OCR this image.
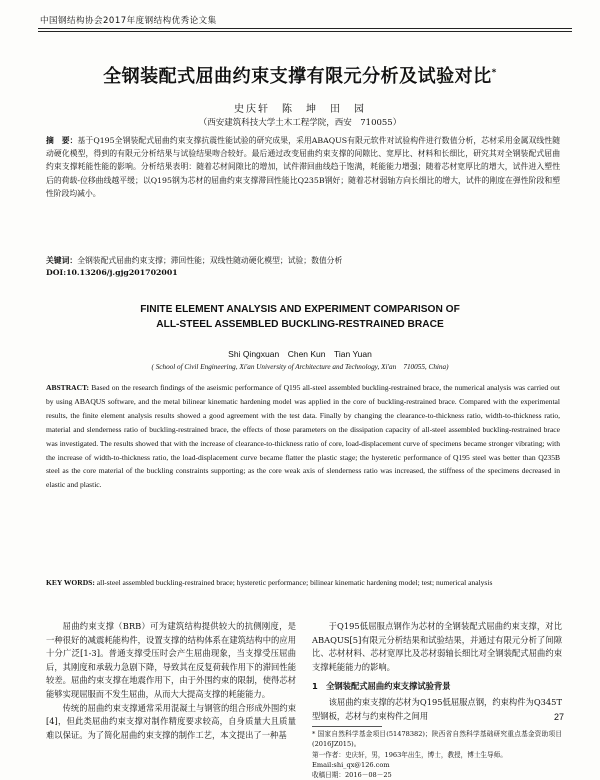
中国钢结构协会2017年度钢结构优秀论文集
全钢装配式屈曲约束支撑有限元分析及试验对比*
史庆轩　陈　坤　田　园
（西安建筑科技大学土木工程学院，西安　710055）
摘　要：基于Q195全钢装配式屈曲约束支撑抗震性能试验的研究成果，采用ABAQUS有限元软件对试验构件进行数值分析，芯材采用金属双线性随动硬化模型，得到的有限元分析结果与试验结果吻合较好。最后通过改变屈曲约束支撑的间隙比、宽厚比、材料和长细比，研究其对全钢装配式屈曲约束支撑耗能性能的影响。分析结果表明：随着芯材间隙比的增加，试件滞回曲线趋于饱满，耗能能力增强；随着芯材宽厚比的增大，试件进入塑性后的荷载-位移曲线越平缓；以Q195钢为芯材的屈曲约束支撑滞回性能比Q235B钢好；随着芯材弱轴方向长细比的增大，试件的刚度在弹性阶段和塑性阶段均减小。
关键词：全钢装配式屈曲约束支撑；滞回性能；双线性随动硬化模型；试验；数值分析
DOI:10.13206/j.gjg201702001
FINITE ELEMENT ANALYSIS AND EXPERIMENT COMPARISON OF
ALL-STEEL ASSEMBLED BUCKLING-RESTRAINED BRACE
Shi Qingxuan　Chen Kun　Tian Yuan
( School of Civil Engineering, Xi'an University of Architecture and Technology, Xi'an　710055, China)
ABSTRACT: Based on the research findings of the aseismic performance of Q195 all-steel assembled buckling-restrained brace, the numerical analysis was carried out by using ABAQUS software, and the metal bilinear kinematic hardening model was applied in the core of buckling-restrained brace. Compared with the experimental results, the finite element analysis results showed a good agreement with the test data. Finally by changing the clearance-to-thickness ratio, width-to-thickness ratio, material and slenderness ratio of buckling-restrained brace, the effects of those parameters on the dissipation capacity of all-steel assembled buckling-restrained brace was investigated. The results showed that with the increase of clearance-to-thickness ratio of core, load-displacement curve of specimens became stronger vibrating; with the increase of width-to-thickness ratio, the load-displacement curve became flatter the plastic stage; the hysteretic performance of Q195 steel was better than Q235B steel as the core material of the buckling constraints supporting; as the core weak axis of slenderness ratio was increased, the stiffness of the specimens decreased in elastic and plastic.
KEY WORDS: all-steel assembled buckling-restrained brace; hysteretic performance; bilinear kinematic hardening model; test; numerical analysis

屈曲约束支撑（BRB）可为建筑结构提供较大的抗侧刚度，是一种很好的减震耗能构件，设置支撑的结构体系在建筑结构中的应用十分广泛[1-3]。普通支撑受压时会产生屈曲现象，当支撑受压屈曲后，其刚度和承载力急剧下降，导致其在反复荷载作用下的滞回性能较差。屈曲约束支撑在地震作用下，由于外围约束的限制，使得芯材能够实现屈服而不发生屈曲，从而大大提高支撑的耗能能力。

传统的屈曲约束支撑通常采用混凝土与钢管的组合形成外围约束[4]，但此类屈曲约束支撑对制作精度要求较高，自身质量大且质量难以保证。为了简化屈曲约束支撑的制作工艺，本文提出了一种基

于Q195低屈服点钢作为芯材的全钢装配式屈曲约束支撑，对比ABAQUS[5]有限元分析结果和试验结果，并通过有限元分析了间隙比、芯材材料、芯材宽厚比及芯材弱轴长细比对全钢装配式屈曲约束支撑耗能能力的影响。

1　全钢装配式屈曲约束支撑试验背景

该屈曲约束支撑的芯材为Q195低屈服点钢，约束构件为Q345T型钢板，芯材与约束构件之间用

* 国家自然科学基金项目(51478382)；陕西省自然科学基础研究重点基金资助项目(2016JZ015)。
第一作者：史庆轩，男，1963年出生，博士，教授，博士生导师。
Email:shi_qx@126.com
收稿日期：2016－08－25
27
